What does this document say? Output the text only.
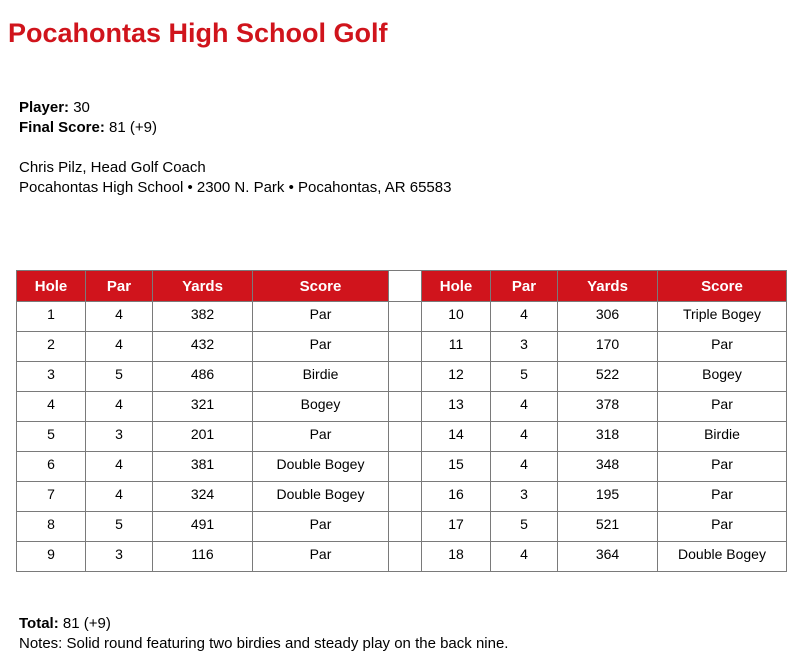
Pocahontas High School Golf
Player: 30
Final Score: 81 (+9)
Chris Pilz, Head Golf Coach
Pocahontas High School • 2300 N. Park • Pocahontas, AR 65583
Hole	Par	Yards	Score		Hole	Par	Yards	Score
1	4	382	Par		10	4	306	Triple Bogey
2	4	432	Par		11	3	170	Par
3	5	486	Birdie		12	5	522	Bogey
4	4	321	Bogey		13	4	378	Par
5	3	201	Par		14	4	318	Birdie
6	4	381	Double Bogey		15	4	348	Par
7	4	324	Double Bogey		16	3	195	Par
8	5	491	Par		17	5	521	Par
9	3	116	Par		18	4	364	Double Bogey
Total: 81 (+9)
Notes: Solid round featuring two birdies and steady play on the back nine.
